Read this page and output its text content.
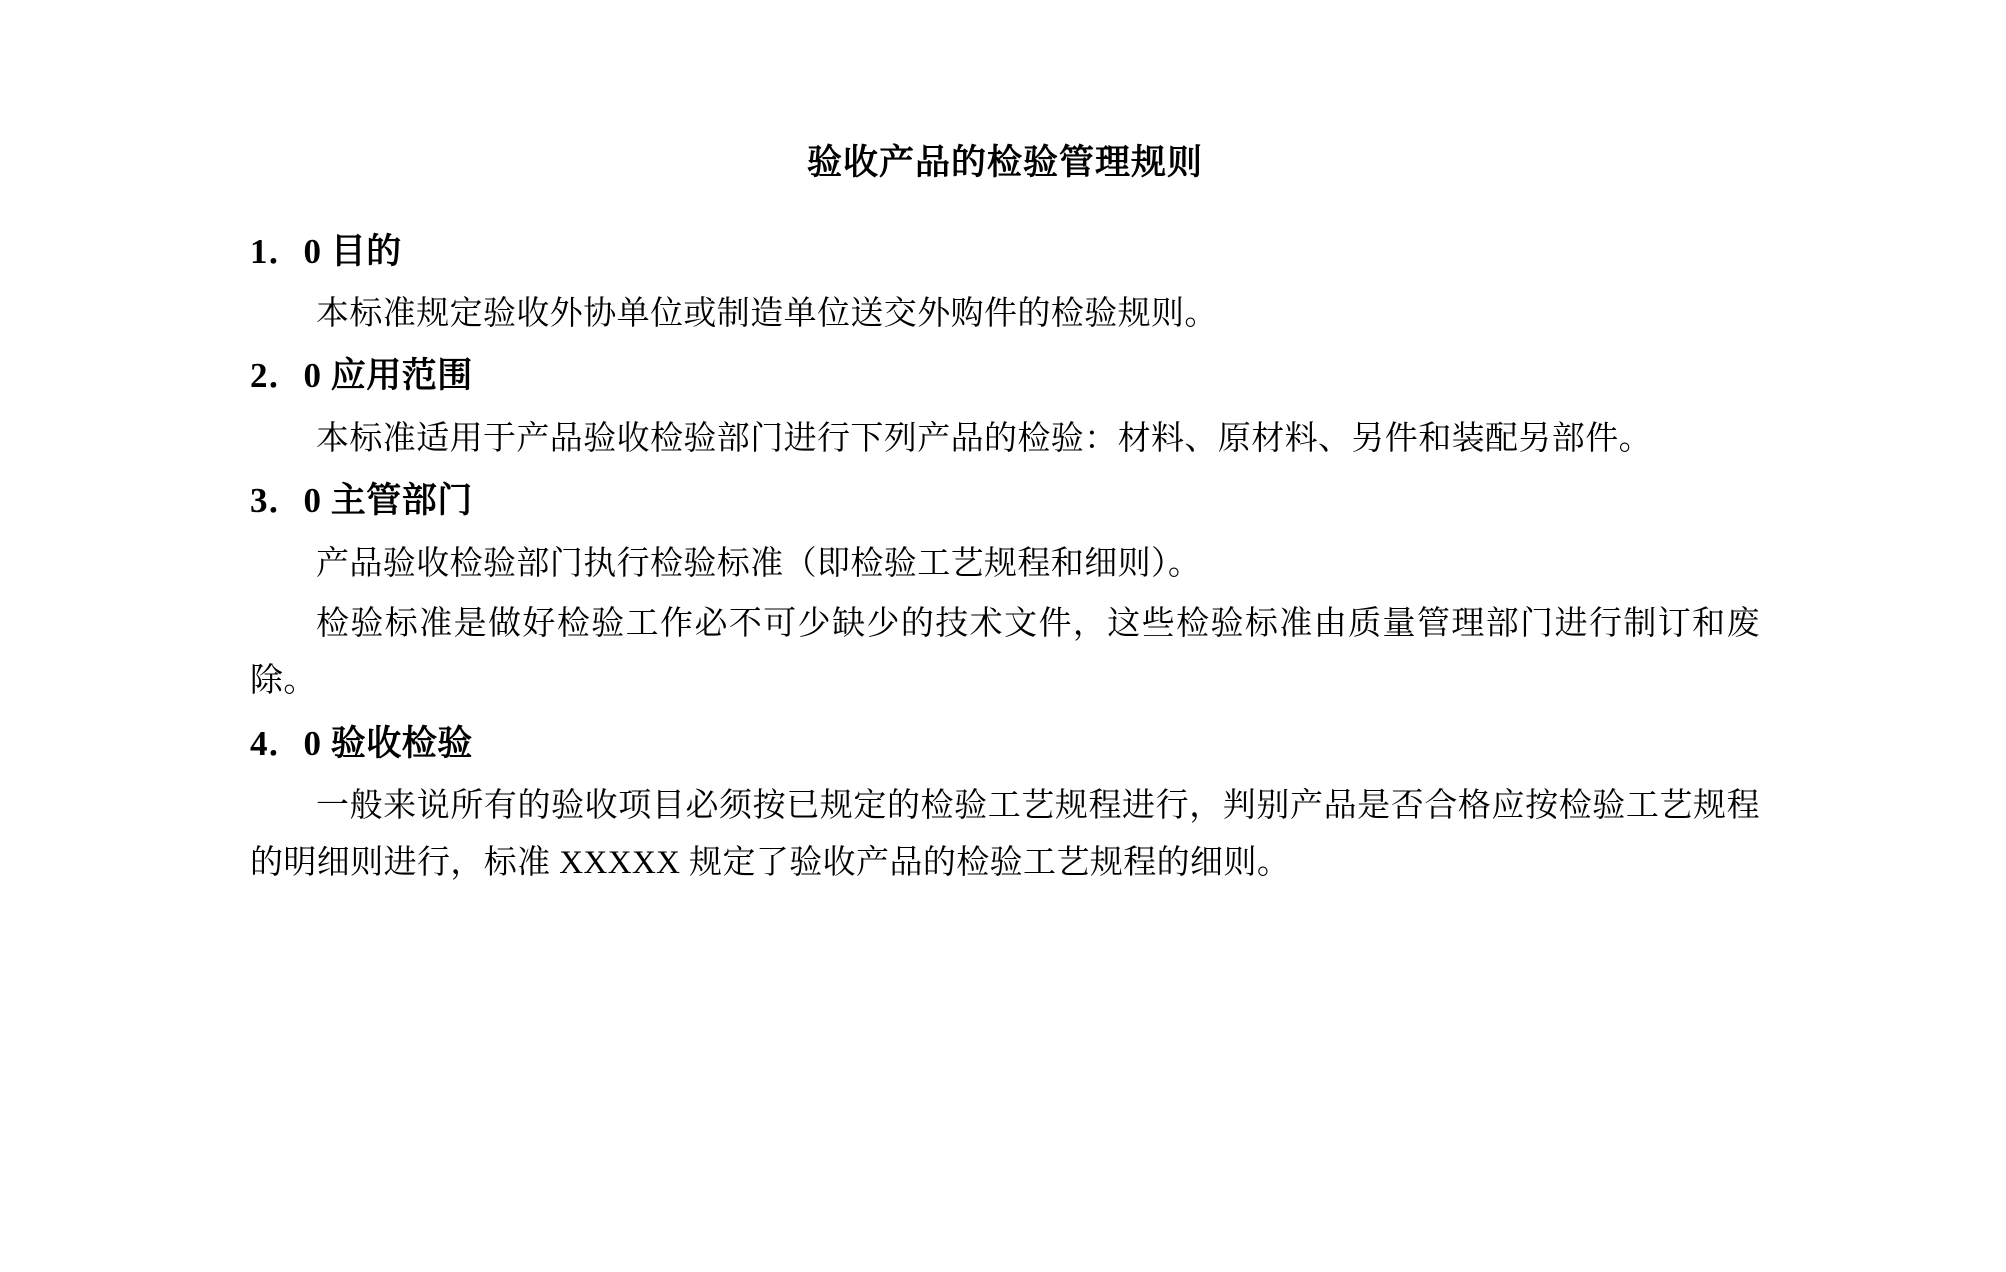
验收产品的检验管理规则
1．0 目的
本标准规定验收外协单位或制造单位送交外购件的检验规则。
2．0 应用范围
本标准适用于产品验收检验部门进行下列产品的检验：材料、原材料、另件和装配另部件。
3．0 主管部门
产品验收检验部门执行检验标准（即检验工艺规程和细则）。
检验标准是做好检验工作必不可少缺少的技术文件，这些检验标准由质量管理部门进行制订和废除。
4．0 验收检验
一般来说所有的验收项目必须按已规定的检验工艺规程进行，判别产品是否合格应按检验工艺规程的明细则进行，标准 XXXXX 规定了验收产品的检验工艺规程的细则。
